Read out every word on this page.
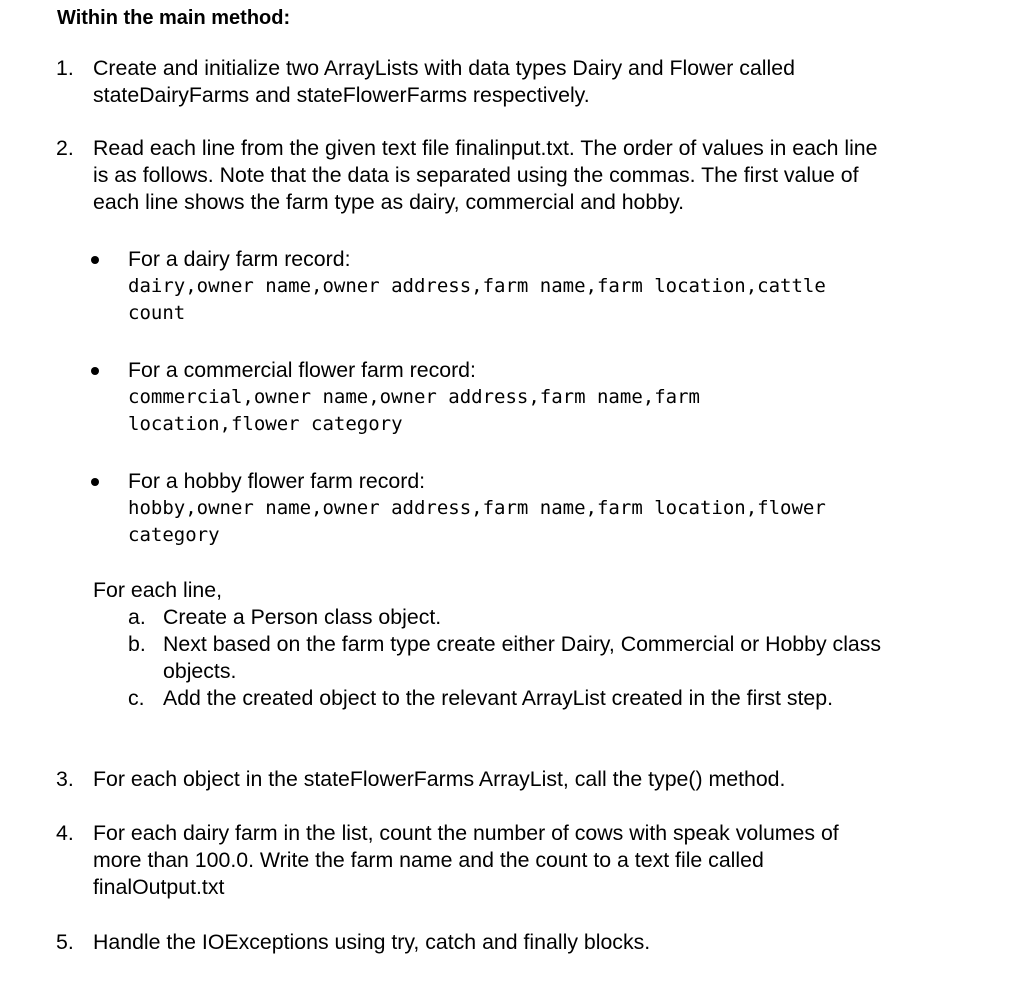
Within the main method:
1. Create and initialize two ArrayLists with data types Dairy and Flower called
stateDairyFarms and stateFlowerFarms respectively.
2. Read each line from the given text file finalinput.txt. The order of values in each line
is as follows. Note that the data is separated using the commas. The first value of
each line shows the farm type as dairy, commercial and hobby.
For a dairy farm record:
dairy,owner name,owner address,farm name,farm location,cattle
count
For a commercial flower farm record:
commercial,owner name,owner address,farm name,farm
location,flower category
For a hobby flower farm record:
hobby,owner name,owner address,farm name,farm location,flower
category
For each line,
a. Create a Person class object.
b. Next based on the farm type create either Dairy, Commercial or Hobby class
objects.
c. Add the created object to the relevant ArrayList created in the first step.
3. For each object in the stateFlowerFarms ArrayList, call the type() method.
4. For each dairy farm in the list, count the number of cows with speak volumes of
more than 100.0. Write the farm name and the count to a text file called
finalOutput.txt
5. Handle the IOExceptions using try, catch and finally blocks.
